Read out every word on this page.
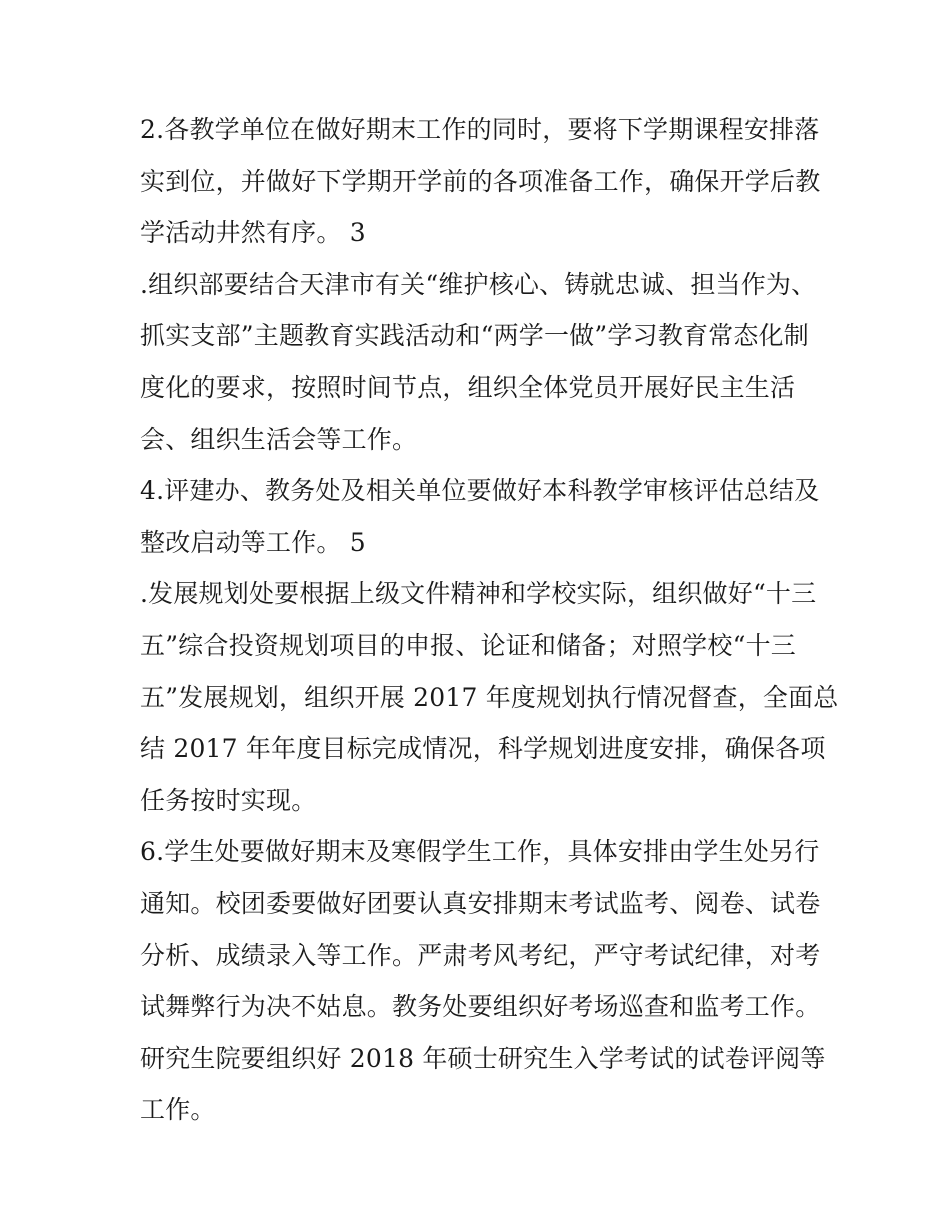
2.各教学单位在做好期末工作的同时，要将下学期课程安排落
实到位，并做好下学期开学前的各项准备工作，确保开学后教
学活动井然有序。 3
.组织部要结合天津市有关“维护核心、铸就忠诚、担当作为、
抓实支部”主题教育实践活动和“两学一做”学习教育常态化制
度化的要求，按照时间节点，组织全体党员开展好民主生活
会、组织生活会等工作。
4.评建办、教务处及相关单位要做好本科教学审核评估总结及
整改启动等工作。 5
.发展规划处要根据上级文件精神和学校实际，组织做好“十三
五”综合投资规划项目的申报、论证和储备；对照学校“十三
五”发展规划，组织开展 2017 年度规划执行情况督查，全面总
结 2017 年年度目标完成情况，科学规划进度安排，确保各项
任务按时实现。
6.学生处要做好期末及寒假学生工作，具体安排由学生处另行
通知。校团委要做好团要认真安排期末考试监考、阅卷、试卷
分析、成绩录入等工作。严肃考风考纪，严守考试纪律，对考
试舞弊行为决不姑息。教务处要组织好考场巡查和监考工作。
研究生院要组织好 2018 年硕士研究生入学考试的试卷评阅等
工作。
